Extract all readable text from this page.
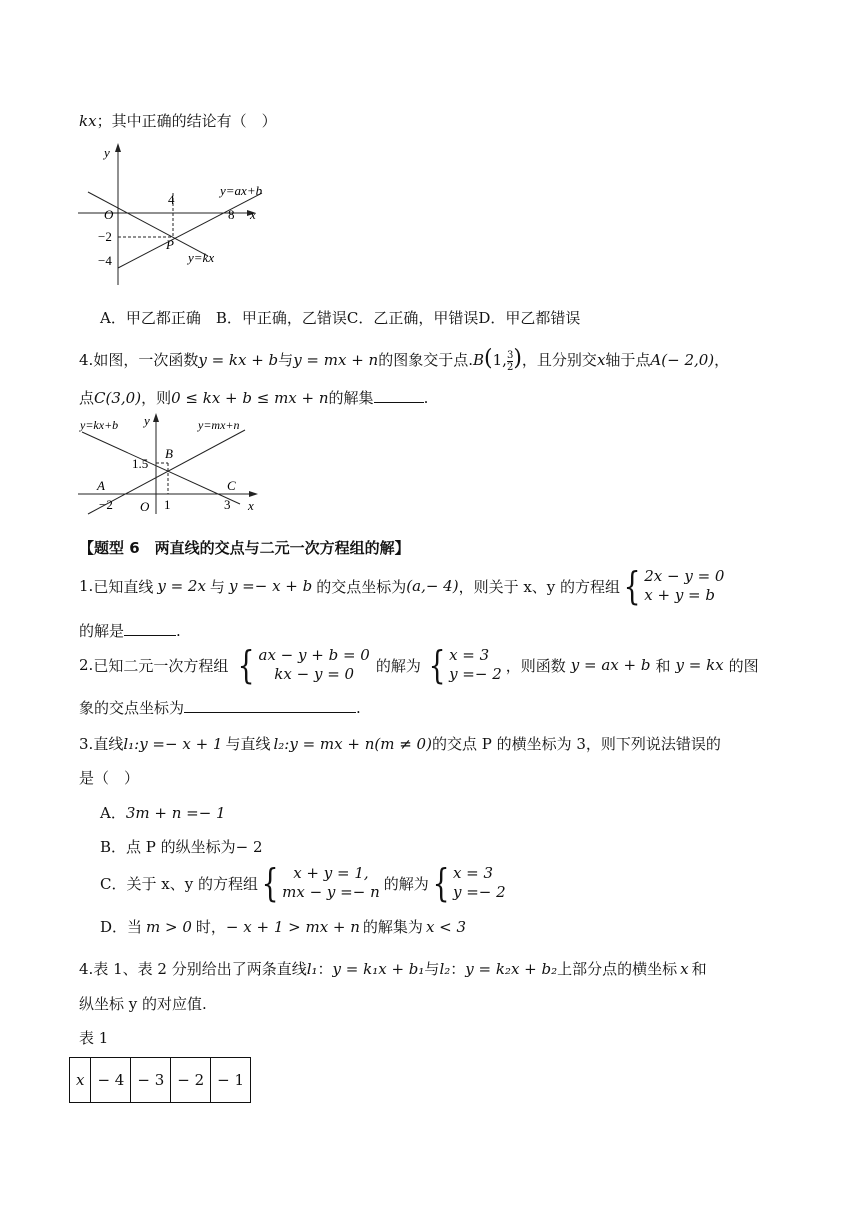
kx；其中正确的结论有（　）
y
x
O
4
8
−2
−4
P
y=ax+b
y=kx
A．甲乙都正确　B．甲正确，乙错误C．乙正确，甲错误D．甲乙都错误
4.如图，一次函数y = kx + b与y = mx + n的图象交于点.B(1, $\frac{3}{2}$ )，且分别交x轴于点A(− 2,0)，
点C(3,0)，则0 ≤ kx + b ≤ mx + n的解集	.
y
x
O
y=kx+b	y=mx+n
B
A	C
1.5
−2	1	3
【题型 6　两直线的交点与二元一次方程组的解】
1. 已知直线 y = 2x 与 y =− x + b 的交点坐标为 (a,− 4) ，则关于 x、y 的方程组 { 2x − y = 0
x + y = b
的解是	.
2. 已知二元一次方程组 { ax − y + b = 0
kx − y = 0	的解为 { x = 3
y =− 2 ，则函数 y = ax + b 和 y = kx 的图
象的交点坐标为	.
3.直线l₁:y =− x + 1 与直线 l₂:y = mx + n(m ≠ 0)的交点 P 的横坐标为 3，则下列说法错误的
是（　）
A．3m + n =− 1
B．点 P 的纵坐标为− 2
C．关于 x、y 的方程组 { x + y = 1,
mx − y =− n 的解为 { x = 3
y =− 2
D．当 m > 0 时，− x + 1 > mx + n 的解集为 x < 3
4.表 1、表 2 分别给出了两条直线l₁：y = k₁x + b₁与l₂：y = k₂x + b₂上部分点的横坐标 x 和
纵坐标 y 的对应值.
表 1
x	− 4	− 3	− 2	− 1
